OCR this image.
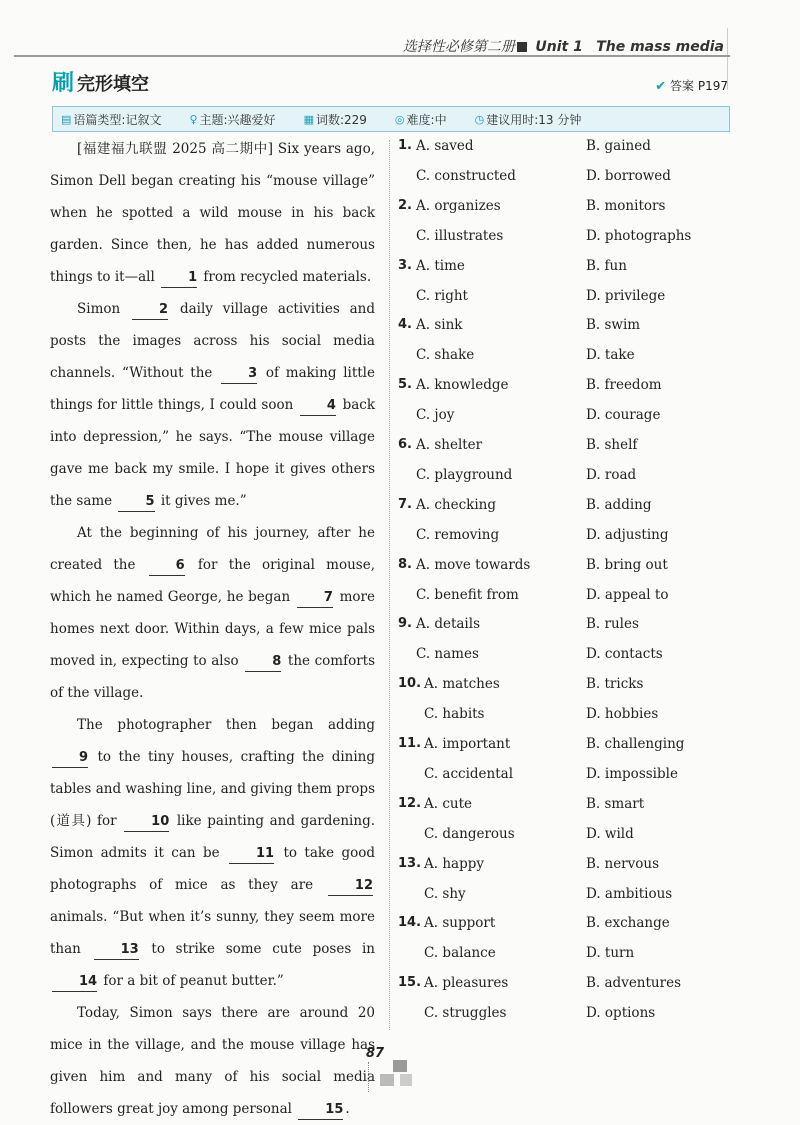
选择性必修第二册 Unit 1 The mass media
刷 完形填空	✔ 答案 P197
▤ 语篇类型:记叙文	♀ 主题:兴趣爱好	▦ 词数:229	◎ 难度:中	◷ 建议用时:13 分钟

[福建福九联盟 2025 高二期中] Six years ago, Simon Dell began creating his “mouse village” when he spotted a wild mouse in his back garden. Since then, he has added numerous things to it—all	1 from recycled materials.

Simon	2 daily village activities and posts the images across his social media channels. “Without the	3 of making little things for little things, I could soon	4 back into depression,” he says. “The mouse village gave me back my smile. I hope it gives others the same	5 it gives me.”

At the beginning of his journey, after he created the	6 for the original mouse, which he named George, he began	7 more homes next door. Within days, a few mice pals moved in, expecting to also	8 the comforts of the village.

The photographer then began adding 9 to the tiny houses, crafting the dining tables and washing line, and giving them props (道具) for	10 like painting and gardening. Simon admits it can be	11 to take good photographs of mice as they are	12 animals. “But when it’s sunny, they seem more than	13 to strike some cute poses in 14 for a bit of peanut butter.”

Today, Simon says there are around 20 mice in the village, and the mouse village has given him and many of his social media followers great joy among personal	15 .

1. A. saved	B. gained
C. constructed	D. borrowed
2. A. organizes	B. monitors
C. illustrates	D. photographs
3. A. time	B. fun
C. right	D. privilege
4. A. sink	B. swim
C. shake	D. take
5. A. knowledge	B. freedom
C. joy	D. courage
6. A. shelter	B. shelf
C. playground	D. road
7. A. checking	B. adding
C. removing	D. adjusting
8. A. move towards	B. bring out
C. benefit from	D. appeal to
9. A. details	B. rules
C. names	D. contacts
10. A. matches	B. tricks
C. habits	D. hobbies
11. A. important	B. challenging
C. accidental	D. impossible
12. A. cute	B. smart
C. dangerous	D. wild
13. A. happy	B. nervous
C. shy	D. ambitious
14. A. support	B. exchange
C. balance	D. turn
15. A. pleasures	B. adventures
C. struggles	D. options
87
